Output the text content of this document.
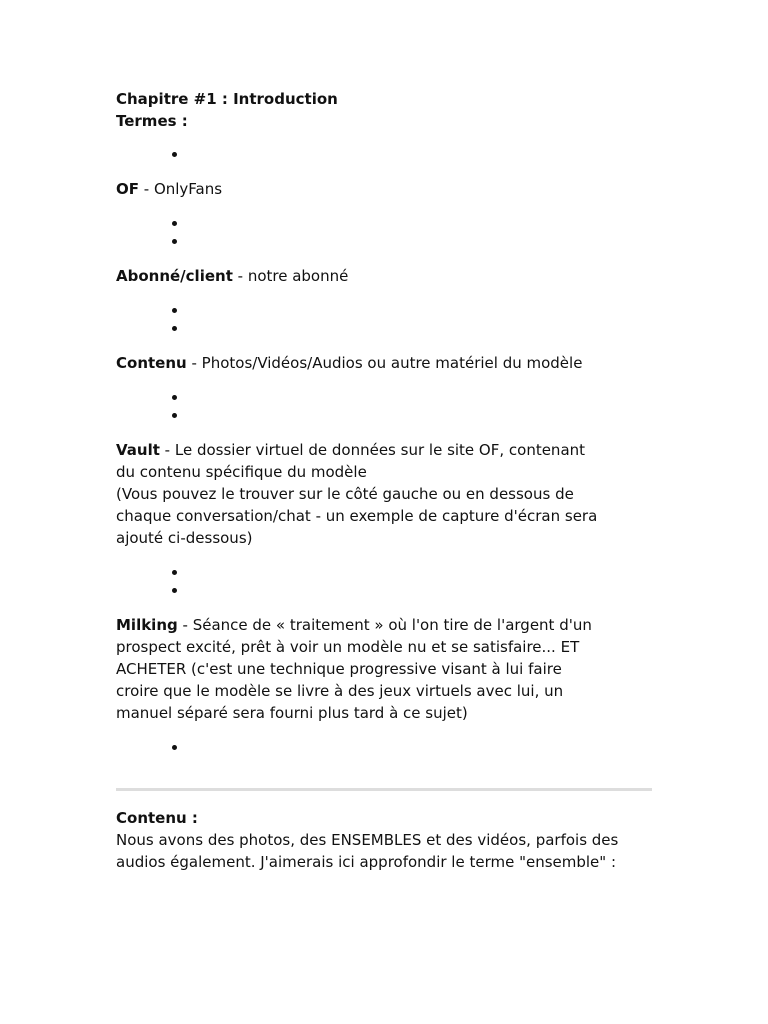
Chapitre #1 : Introduction

Termes :

•

OF - OnlyFans

•
•

Abonné/client - notre abonné

•
•

Contenu - Photos/Vidéos/Audios ou autre matériel du modèle

•
•

Vault - Le dossier virtuel de données sur le site OF, contenant du contenu spécifique du modèle
(Vous pouvez le trouver sur le côté gauche ou en dessous de chaque conversation/chat - un exemple de capture d'écran sera ajouté ci-dessous)

•
•

Milking - Séance de « traitement » où l'on tire de l'argent d'un prospect excité, prêt à voir un modèle nu et se satisfaire... ET ACHETER (c'est une technique progressive visant à lui faire croire que le modèle se livre à des jeux virtuels avec lui, un manuel séparé sera fourni plus tard à ce sujet)

•

Contenu :

Nous avons des photos, des ENSEMBLES et des vidéos, parfois des audios également. J'aimerais ici approfondir le terme "ensemble" :
